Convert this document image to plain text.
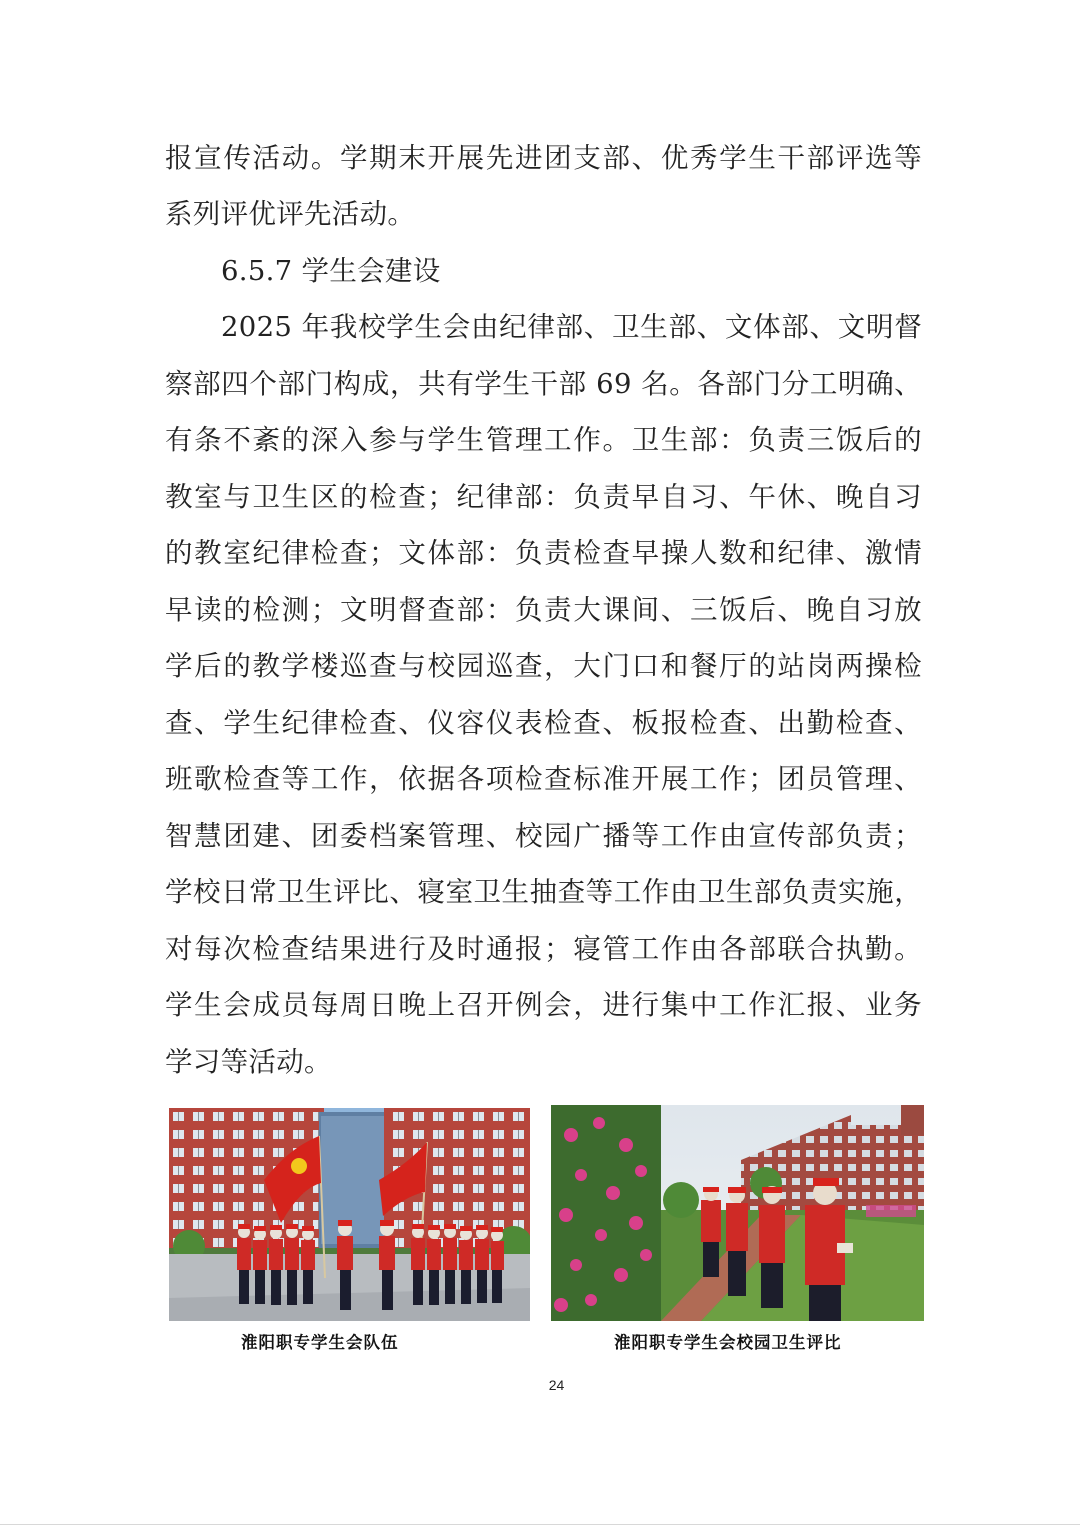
报宣传活动。学期末开展先进团支部、优秀学生干部评选等
系列评优评先活动。
6.5.7 学生会建设
2025 年我校学生会由纪律部、卫生部、文体部、文明督
察部四个部门构成，共有学生干部 69 名。各部门分工明确、
有条不紊的深入参与学生管理工作。卫生部：负责三饭后的
教室与卫生区的检查；纪律部：负责早自习、午休、晚自习
的教室纪律检查；文体部：负责检查早操人数和纪律、激情
早读的检测；文明督查部：负责大课间、三饭后、晚自习放
学后的教学楼巡查与校园巡查，大门口和餐厅的站岗两操检
查、学生纪律检查、仪容仪表检查、板报检查、出勤检查、
班歌检查等工作，依据各项检查标准开展工作；团员管理、
智慧团建、团委档案管理、校园广播等工作由宣传部负责；
学校日常卫生评比、寝室卫生抽查等工作由卫生部负责实施，
对每次检查结果进行及时通报；寝管工作由各部联合执勤。
学生会成员每周日晚上召开例会，进行集中工作汇报、业务
学习等活动。
淮阳职专学生会队伍	淮阳职专学生会校园卫生评比
24
